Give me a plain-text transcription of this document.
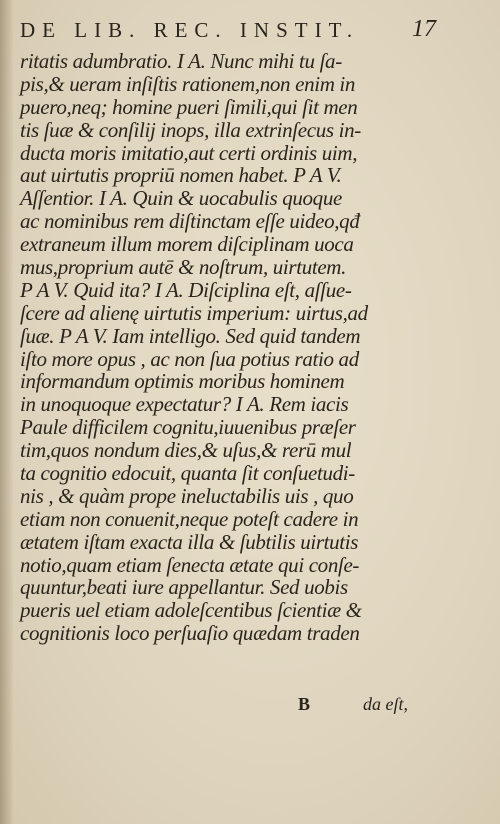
DE LIB. REC. INSTIT. 17
ritatis adumbratio. I A. Nunc mihi tu ſa-
pis,& ueram inſiſtis rationem,non enim in
puero,neq; homine pueri ſimili,qui ſit men
tis ſuæ & conſilij inops, illa extrinſecus in-
ducta moris imitatio,aut certi ordinis uim,
aut uirtutis propriū nomen habet. P A V.
Aſſentior. I A. Quin & uocabulis quoque
ac nominibus rem diſtinctam eſſe uideo,qđ
extraneum illum morem diſciplinam uoca
mus,proprium autē & noſtrum, uirtutem.
P A V. Quid ita? I A. Diſciplina eſt, aſſue-
ſcere ad alienę uirtutis imperium: uirtus,ad
ſuæ. P A V. Iam intelligo. Sed quid tandem
iſto more opus , ac non ſua potius ratio ad
informandum optimis moribus hominem
in unoquoque expectatur? I A. Rem iacis
Paule difficilem cognitu,iuuenibus præſer
tim,quos nondum dies,& uſus,& rerū mul
ta cognitio edocuit, quanta ſit conſuetudi-
nis , & quàm prope ineluctabilis uis , quo
etiam non conuenit,neque poteſt cadere in
ætatem iſtam exacta illa & ſubtilis uirtutis
notio,quam etiam ſenecta ætate qui conſe-
quuntur,beati iure appellantur. Sed uobis
pueris uel etiam adoleſcentibus ſcientiæ &
cognitionis loco perſuaſio quædam traden
B	da eſt,
